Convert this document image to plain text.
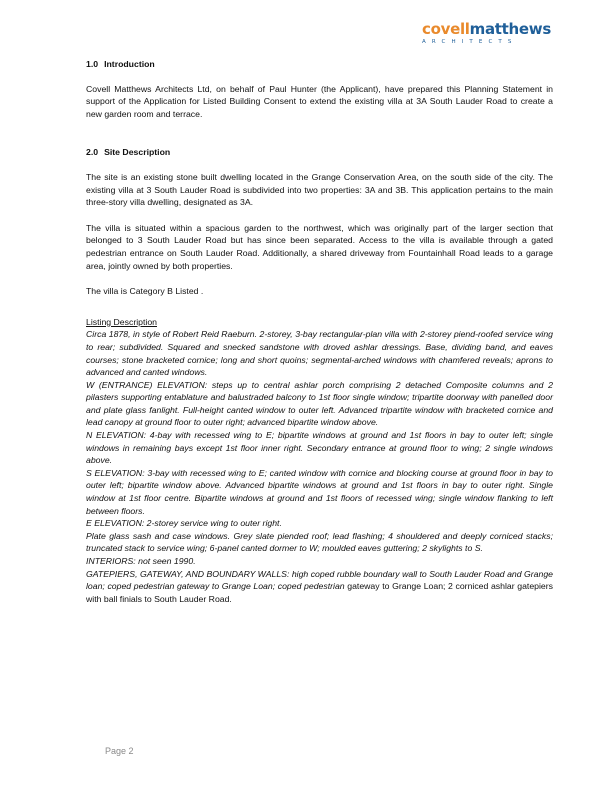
covellmatthews
ARCHITECTS
1.0 Introduction

Covell Matthews Architects Ltd, on behalf of Paul Hunter (the Applicant), have prepared this Planning Statement in support of the Application for Listed Building Consent to extend the existing villa at 3A South Lauder Road to create a new garden room and terrace.

2.0 Site Description

The site is an existing stone built dwelling located in the Grange Conservation Area, on the south side of the city. The existing villa at 3 South Lauder Road is subdivided into two properties: 3A and 3B. This application pertains to the main three-story villa dwelling, designated as 3A.

The villa is situated within a spacious garden to the northwest, which was originally part of the larger section that belonged to 3 South Lauder Road but has since been separated. Access to the villa is available through a gated pedestrian entrance on South Lauder Road. Additionally, a shared driveway from Fountainhall Road leads to a garage area, jointly owned by both properties.

The villa is Category B Listed .

Listing Description

Circa 1878, in style of Robert Reid Raeburn. 2-storey, 3-bay rectangular-plan villa with 2-storey piend-roofed service wing to rear; subdivided. Squared and snecked sandstone with droved ashlar dressings. Base, dividing band, and eaves courses; stone bracketed cornice; long and short quoins; segmental-arched windows with chamfered reveals; aprons to advanced and canted windows.

W (ENTRANCE) ELEVATION: steps up to central ashlar porch comprising 2 detached Composite columns and 2 pilasters supporting entablature and balustraded balcony to 1st floor single window; tripartite doorway with panelled door and plate glass fanlight. Full-height canted window to outer left. Advanced tripartite window with bracketed cornice and lead canopy at ground floor to outer right; advanced bipartite window above.

N ELEVATION: 4-bay with recessed wing to E; bipartite windows at ground and 1st floors in bay to outer left; single windows in remaining bays except 1st floor inner right. Secondary entrance at ground floor to wing; 2 single windows above.

S ELEVATION: 3-bay with recessed wing to E; canted window with cornice and blocking course at ground floor in bay to outer left; bipartite window above. Advanced bipartite windows at ground and 1st floors in bay to outer right. Single window at 1st floor centre. Bipartite windows at ground and 1st floors of recessed wing; single window flanking to left between floors.

E ELEVATION: 2-storey service wing to outer right.

Plate glass sash and case windows. Grey slate piended roof; lead flashing; 4 shouldered and deeply corniced stacks; truncated stack to service wing; 6-panel canted dormer to W; moulded eaves guttering; 2 skylights to S.

INTERIORS: not seen 1990.

GATEPIERS, GATEWAY, AND BOUNDARY WALLS: high coped rubble boundary wall to South Lauder Road and Grange loan; coped pedestrian gateway to Grange Loan; coped pedestrian gateway to Grange Loan; 2 corniced ashlar gatepiers with ball finials to South Lauder Road.

Page 2
